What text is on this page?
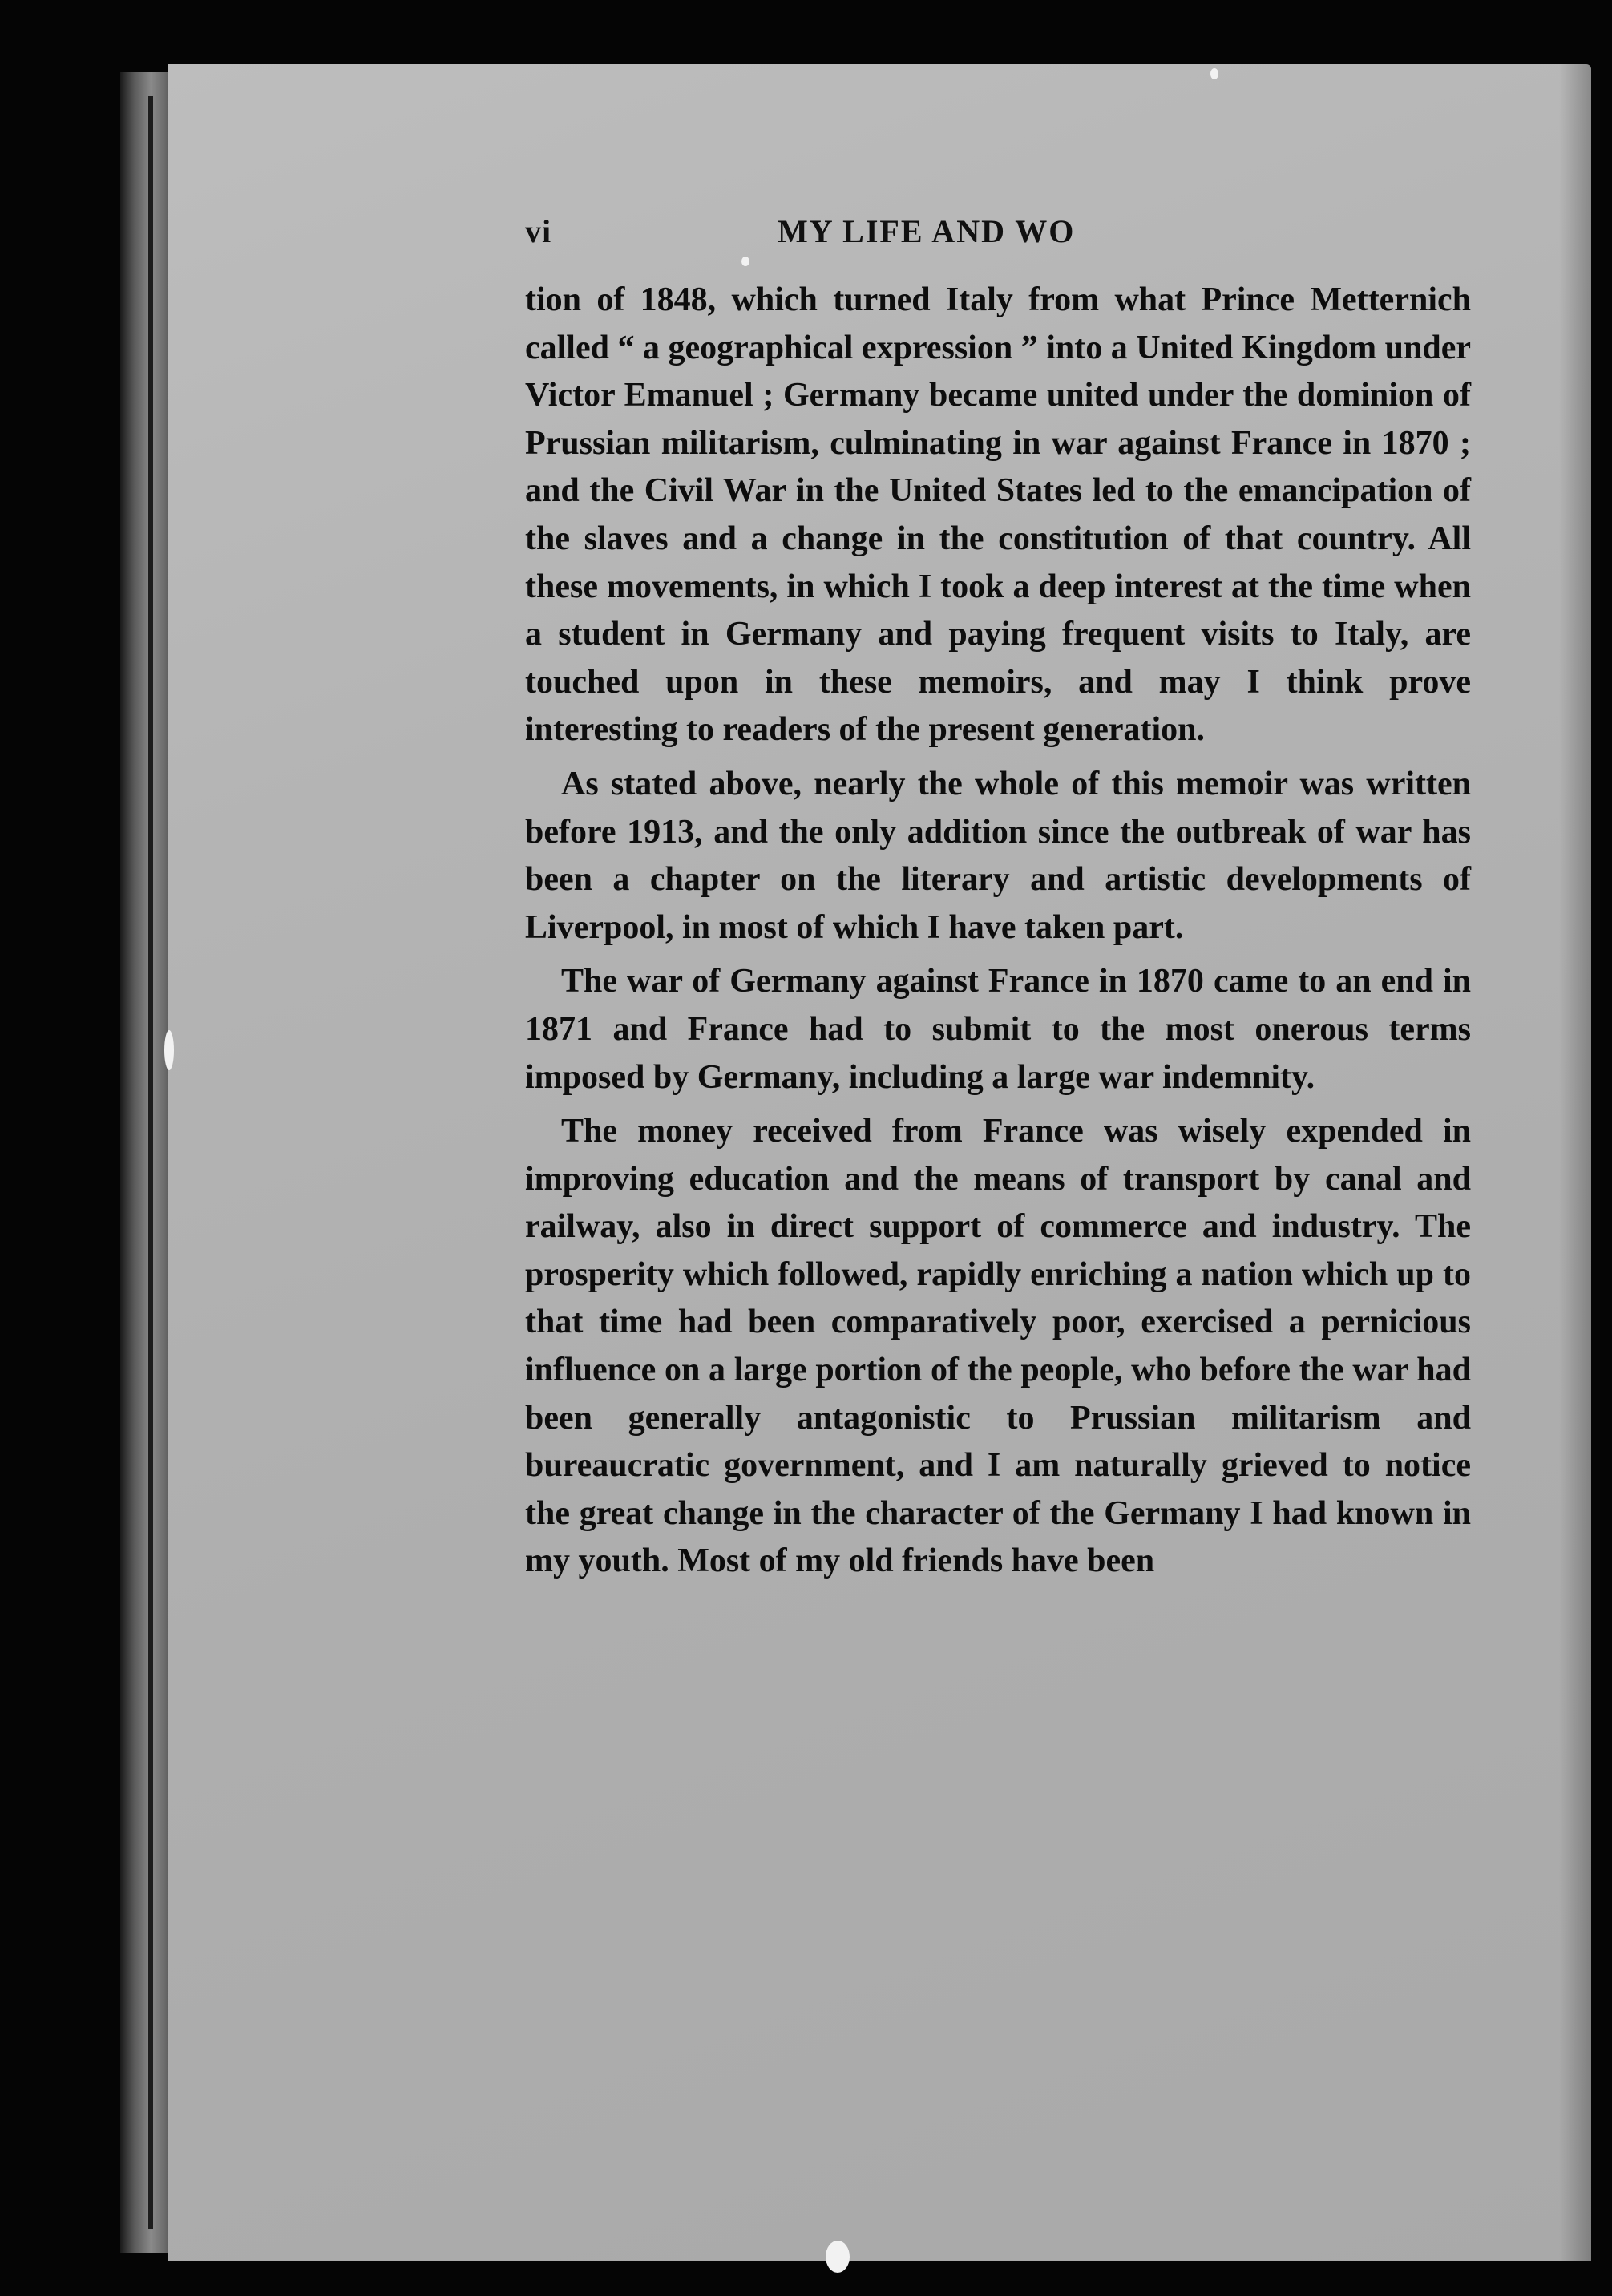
vi	MY LIFE AND WO

tion of 1848, which turned Italy from what Prince Metternich called “ a geographical expression ” into a United Kingdom under Victor Emanuel ; Germany became united under the dominion of Prussian militarism, culminating in war against France in 1870 ; and the Civil War in the United States led to the emancipation of the slaves and a change in the constitution of that country. All these movements, in which I took a deep interest at the time when a student in Germany and paying frequent visits to Italy, are touched upon in these memoirs, and may I think prove interesting to readers of the present generation.

As stated above, nearly the whole of this memoir was written before 1913, and the only addition since the outbreak of war has been a chapter on the literary and artistic developments of Liverpool, in most of which I have taken part.

The war of Germany against France in 1870 came to an end in 1871 and France had to submit to the most onerous terms imposed by Germany, including a large war indemnity.

The money received from France was wisely expended in improving education and the means of transport by canal and railway, also in direct support of commerce and industry. The prosperity which followed, rapidly enriching a nation which up to that time had been comparatively poor, exercised a pernicious influence on a large portion of the people, who before the war had been generally antagonistic to Prussian militarism and bureaucratic government, and I am naturally grieved to notice the great change in the character of the Germany I had known in my youth. Most of my old friends have been
